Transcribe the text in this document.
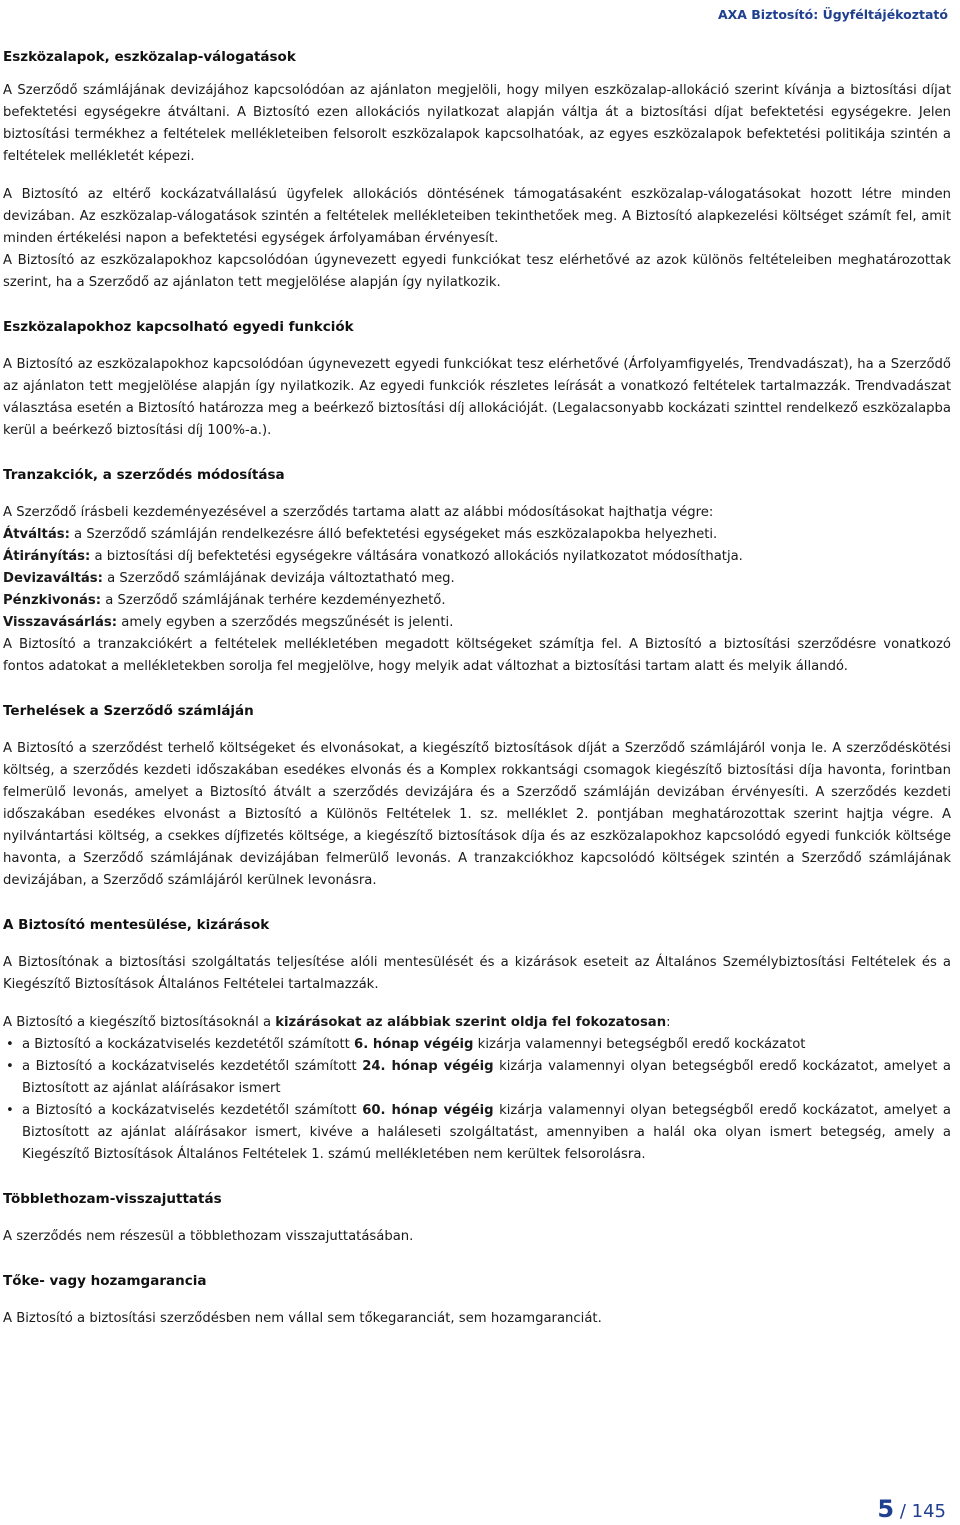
AXA Biztosító: Ügyféltájékoztató
Eszközalapok, eszközalap-válogatások

A Szerződő számlájának devizájához kapcsolódóan az ajánlaton megjelöli, hogy milyen eszközalap-allokáció szerint kívánja a biztosítási díjat befektetési egységekre átváltani. A Biztosító ezen allokációs nyilatkozat alapján váltja át a biztosítási díjat befektetési egységekre. Jelen biztosítási termékhez a feltételek mellékleteiben felsorolt eszközalapok kapcsolhatóak, az egyes eszközalapok befektetési politikája szintén a feltételek mellékletét képezi.

A Biztosító az eltérő kockázatvállalású ügyfelek allokációs döntésének támogatásaként eszközalap-válogatásokat hozott létre minden devizában. Az eszközalap-válogatások szintén a feltételek mellékleteiben tekinthetőek meg. A Biztosító alapkezelési költséget számít fel, amit minden értékelési napon a befektetési egységek árfolyamában érvényesít.

A Biztosító az eszközalapokhoz kapcsolódóan úgynevezett egyedi funkciókat tesz elérhetővé az azok különös feltételeiben meghatározottak szerint, ha a Szerződő az ajánlaton tett megjelölése alapján így nyilatkozik.

Eszközalapokhoz kapcsolható egyedi funkciók

A Biztosító az eszközalapokhoz kapcsolódóan úgynevezett egyedi funkciókat tesz elérhetővé (Árfolyamfigyelés, Trendvadászat), ha a Szerződő az ajánlaton tett megjelölése alapján így nyilatkozik. Az egyedi funkciók részletes leírását a vonatkozó feltételek tartalmazzák. Trendvadászat választása esetén a Biztosító határozza meg a beérkező biztosítási díj allokációját. (Legalacsonyabb kockázati szinttel rendelkező eszközalapba kerül a beérkező biztosítási díj 100%-a.).

Tranzakciók, a szerződés módosítása

A Szerződő írásbeli kezdeményezésével a szerződés tartama alatt az alábbi módosításokat hajthatja végre:

Átváltás: a Szerződő számláján rendelkezésre álló befektetési egységeket más eszközalapokba helyezheti.

Átirányítás: a biztosítási díj befektetési egységekre váltására vonatkozó allokációs nyilatkozatot módosíthatja.

Devizaváltás: a Szerződő számlájának devizája változtatható meg.

Pénzkivonás: a Szerződő számlájának terhére kezdeményezhető.

Visszavásárlás: amely egyben a szerződés megszűnését is jelenti.

A Biztosító a tranzakciókért a feltételek mellékletében megadott költségeket számítja fel. A Biztosító a biztosítási szerződésre vonatkozó fontos adatokat a mellékletekben sorolja fel megjelölve, hogy melyik adat változhat a biztosítási tartam alatt és melyik állandó.

Terhelések a Szerződő számláján

A Biztosító a szerződést terhelő költségeket és elvonásokat, a kiegészítő biztosítások díját a Szerződő számlájáról vonja le. A szerződéskötési költség, a szerződés kezdeti időszakában esedékes elvonás és a Komplex rokkantsági csomagok kiegészítő biztosítási díja havonta, forintban felmerülő levonás, amelyet a Biztosító átvált a szerződés devizájára és a Szerződő számláján devizában érvényesíti. A szerződés kezdeti időszakában esedékes elvonást a Biztosító a Különös Feltételek 1. sz. melléklet 2. pontjában meghatározottak szerint hajtja végre. A nyilvántartási költség, a csekkes díjfizetés költsége, a kiegészítő biztosítások díja és az eszközalapokhoz kapcsolódó egyedi funkciók költsége havonta, a Szerződő számlájának devizájában felmerülő levonás. A tranzakciókhoz kapcsolódó költségek szintén a Szerződő számlájának devizájában, a Szerződő számlájáról kerülnek levonásra.

A Biztosító mentesülése, kizárások

A Biztosítónak a biztosítási szolgáltatás teljesítése alóli mentesülését és a kizárások eseteit az Általános Személybiztosítási Feltételek és a Kiegészítő Biztosítások Általános Feltételei tartalmazzák.

A Biztosító a kiegészítő biztosításoknál a kizárásokat az alábbiak szerint oldja fel fokozatosan:

• a Biztosító a kockázatviselés kezdetétől számított 6. hónap végéig kizárja valamennyi betegségből eredő kockázatot
• a Biztosító a kockázatviselés kezdetétől számított 24. hónap végéig kizárja valamennyi olyan betegségből eredő kockázatot, amelyet a Biztosított az ajánlat aláírásakor ismert
• a Biztosító a kockázatviselés kezdetétől számított 60. hónap végéig kizárja valamennyi olyan betegségből eredő kockázatot, amelyet a Biztosított az ajánlat aláírásakor ismert, kivéve a haláleseti szolgáltatást, amennyiben a halál oka olyan ismert betegség, amely a Kiegészítő Biztosítások Általános Feltételek 1. számú mellékletében nem kerültek felsorolásra.
Többlethozam-visszajuttatás

A szerződés nem részesül a többlethozam visszajuttatásában.

Tőke- vagy hozamgarancia

A Biztosító a biztosítási szerződésben nem vállal sem tőkegaranciát, sem hozamgaranciát.

5 / 145
